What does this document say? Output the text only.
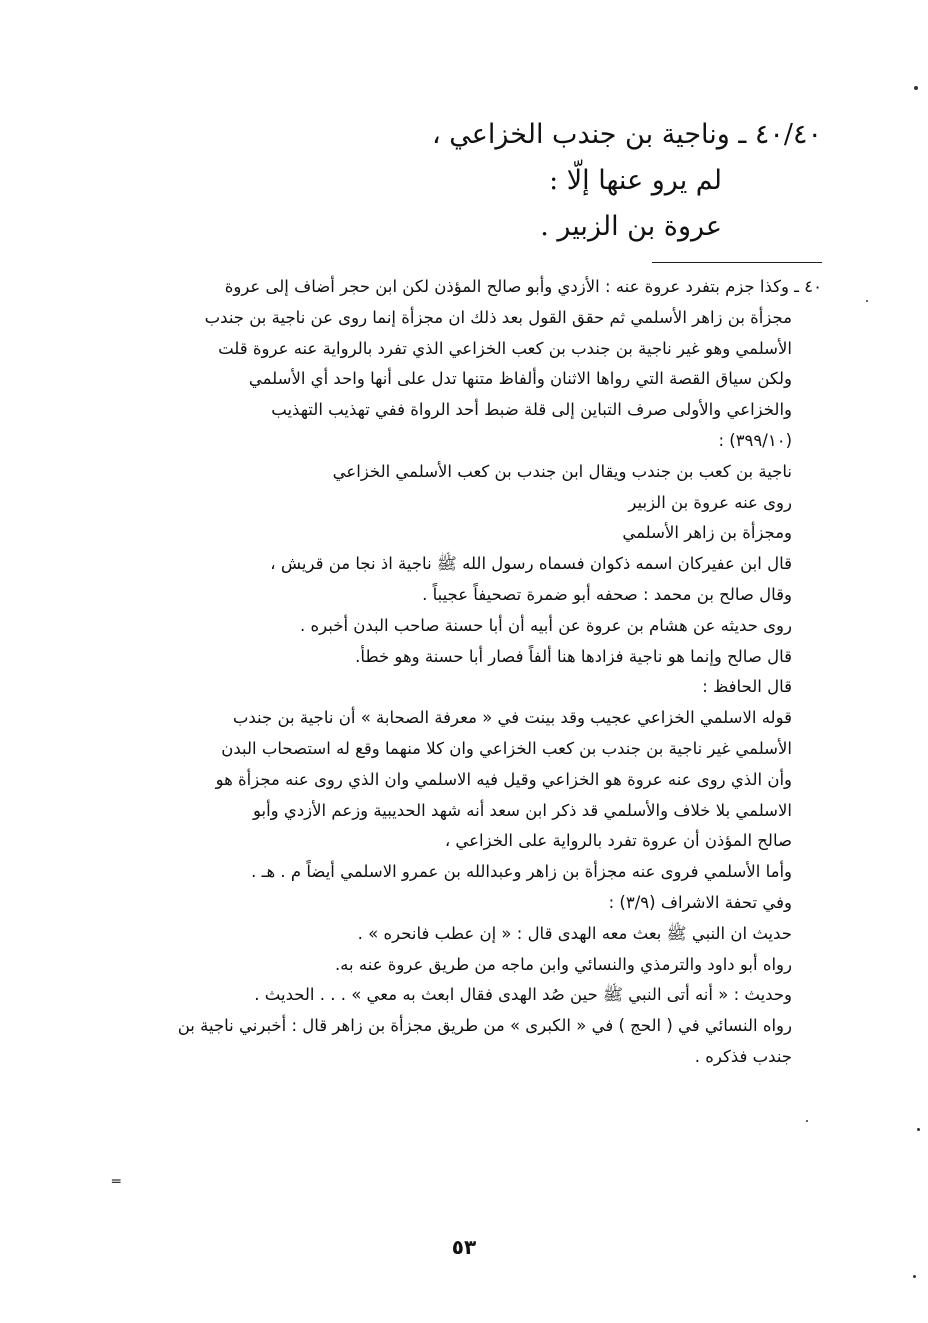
٤٠/٤٠ ـ وناجية بن جندب الخزاعي ،
لم يرو عنها إلّا :
عروة بن الزبير .
٤٠ ـ وكذا جزم بتفرد عروة عنه : الأزدي وأبو صالح المؤذن لكن ابن حجر أضاف إلى عروة
مجزأة بن زاهر الأسلمي ثم حقق القول بعد ذلك ان مجزأة إنما روى عن ناجية بن جندب
الأسلمي وهو غير ناجية بن جندب بن كعب الخزاعي الذي تفرد بالرواية عنه عروة قلت
ولكن سياق القصة التي رواها الاثنان وألفاظ متنها تدل على أنها واحد أي الأسلمي
والخزاعي والأولى صرف التباين إلى قلة ضبط أحد الرواة ففي تهذيب التهذيب
(٣٩٩/١٠) :
ناجية بن كعب بن جندب ويقال ابن جندب بن كعب الأسلمي الخزاعي
روى عنه عروة بن الزبير
ومجزأة بن زاهر الأسلمي
قال ابن عفيركان اسمه ذكوان فسماه رسول الله ﷺ ناجية اذ نجا من قريش ،
وقال صالح بن محمد : صحفه أبو ضمرة تصحيفاً عجيباً .
روى حديثه عن هشام بن عروة عن أبيه أن أبا حسنة صاحب البدن أخبره .
قال صالح وإنما هو ناجية فزادها هنا ألفاً فصار أبا حسنة وهو خطأ.
قال الحافظ :
قوله الاسلمي الخزاعي عجيب وقد بينت في « معرفة الصحابة » أن ناجية بن جندب
الأسلمي غير ناجية بن جندب بن كعب الخزاعي وان كلا منهما وقع له استصحاب البدن
وأن الذي روى عنه عروة هو الخزاعي وقيل فيه الاسلمي وان الذي روى عنه مجزأة هو
الاسلمي بلا خلاف والأسلمي قد ذكر ابن سعد أنه شهد الحديبية وزعم الأزدي وأبو
صالح المؤذن أن عروة تفرد بالرواية على الخزاعي ،
وأما الأسلمي فروى عنه مجزأة بن زاهر وعبدالله بن عمرو الاسلمي أيضاً م . هـ .
وفي تحفة الاشراف (٣/٩) :
حديث ان النبي ﷺ بعث معه الهدى قال : « إن عطب فانحره » .
رواه أبو داود والترمذي والنسائي وابن ماجه من طريق عروة عنه به.
وحديث : « أنه أتى النبي ﷺ حين صُد الهدى فقال ابعث به معي » . . . الحديث .
رواه النسائي في ( الحج ) في « الكبرى » من طريق مجزأة بن زاهر قال : أخبرني ناجية بن
جندب فذكره .
٥٣
═
